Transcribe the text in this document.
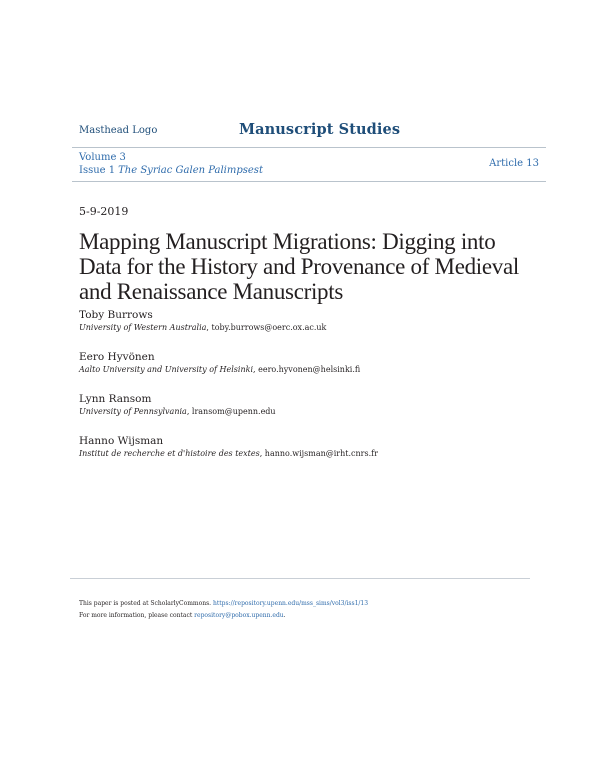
Masthead Logo	Manuscript Studies
Volume 3
Issue 1 The Syriac Galen Palimpsest
Article 13
5-9-2019
Mapping Manuscript Migrations: Digging into Data for the History and Provenance of Medieval and Renaissance Manuscripts
Toby Burrows
University of Western Australia, toby.burrows@oerc.ox.ac.uk
Eero Hyvönen
Aalto University and University of Helsinki, eero.hyvonen@helsinki.fi
Lynn Ransom
University of Pennsylvania, lransom@upenn.edu
Hanno Wijsman
Institut de recherche et d'histoire des textes, hanno.wijsman@irht.cnrs.fr
This paper is posted at ScholarlyCommons. https://repository.upenn.edu/mss_sims/vol3/iss1/13
For more information, please contact repository@pobox.upenn.edu.
